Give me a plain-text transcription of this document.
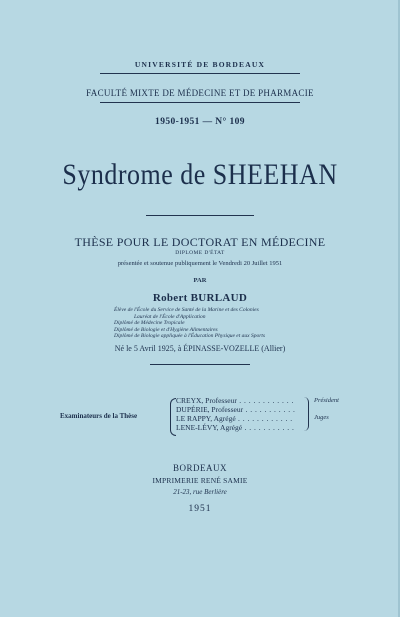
UNIVERSITÉ DE BORDEAUX
FACULTÉ MIXTE DE MÉDECINE ET DE PHARMACIE
1950-1951 — N° 109
Syndrome de SHEEHAN
THÈSE POUR LE DOCTORAT EN MÉDECINE
DIPLOME D'ÉTAT
présentée et soutenue publiquement le Vendredi 20 Juillet 1951
PAR
Robert BURLAUD
Élève de l'École du Service de Santé de la Marine et des Colonies
Lauréat de l'École d'Application
Diplômé de Médecine Tropicale
Diplômé de Biologie et d'Hygiène Alimentaires
Diplômé de Biologie appliquée à l'Éducation Physique et aux Sports
Né le 5 Avril 1925, à ÉPINASSE-VOZELLE (Allier)
Examinateurs de la Thèse
CREYX, Professeur . . . . . . . . . . . .	Président
DUPÉRIE, Professeur . . . . . . . . . . .
LE RAPPY, Agrégé . . . . . . . . . . . .	Juges
LENE-LÉVY, Agrégé . . . . . . . . . . .
BORDEAUX
IMPRIMERIE RENÉ SAMIE
21-23, rue Berlière
1951
